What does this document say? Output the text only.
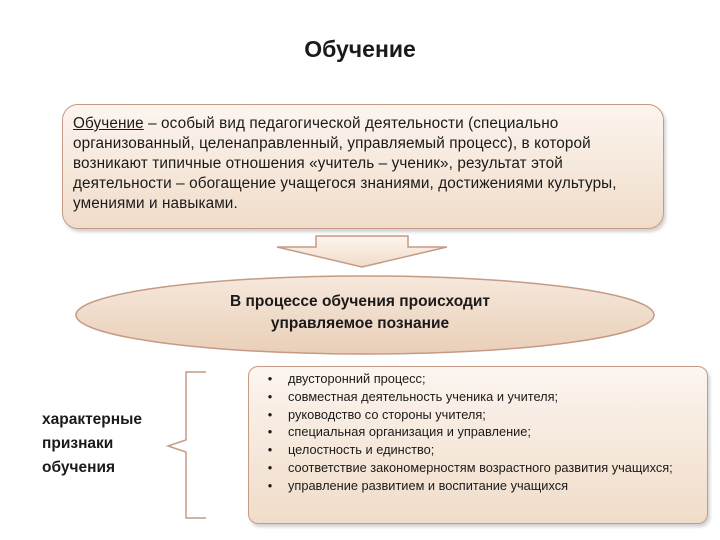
Обучение
Обучение – особый вид педагогической деятельности (специально организованный, целенаправленный, управляемый процесс), в которой возникают типичные отношения «учитель – ученик», результат этой деятельности – обогащение учащегося знаниями, достижениями культуры, умениями и навыками.
В процессе обучения происходит
управляемое познание
характерные
признаки
обучения
•	двусторонний процесс;
•	совместная деятельность ученика и учителя;
•	руководство со стороны учителя;
•	специальная организация и управление;
•	целостность и единство;
•	соответствие закономерностям возрастного развития учащихся;
•	управление развитием и воспитание учащихся
